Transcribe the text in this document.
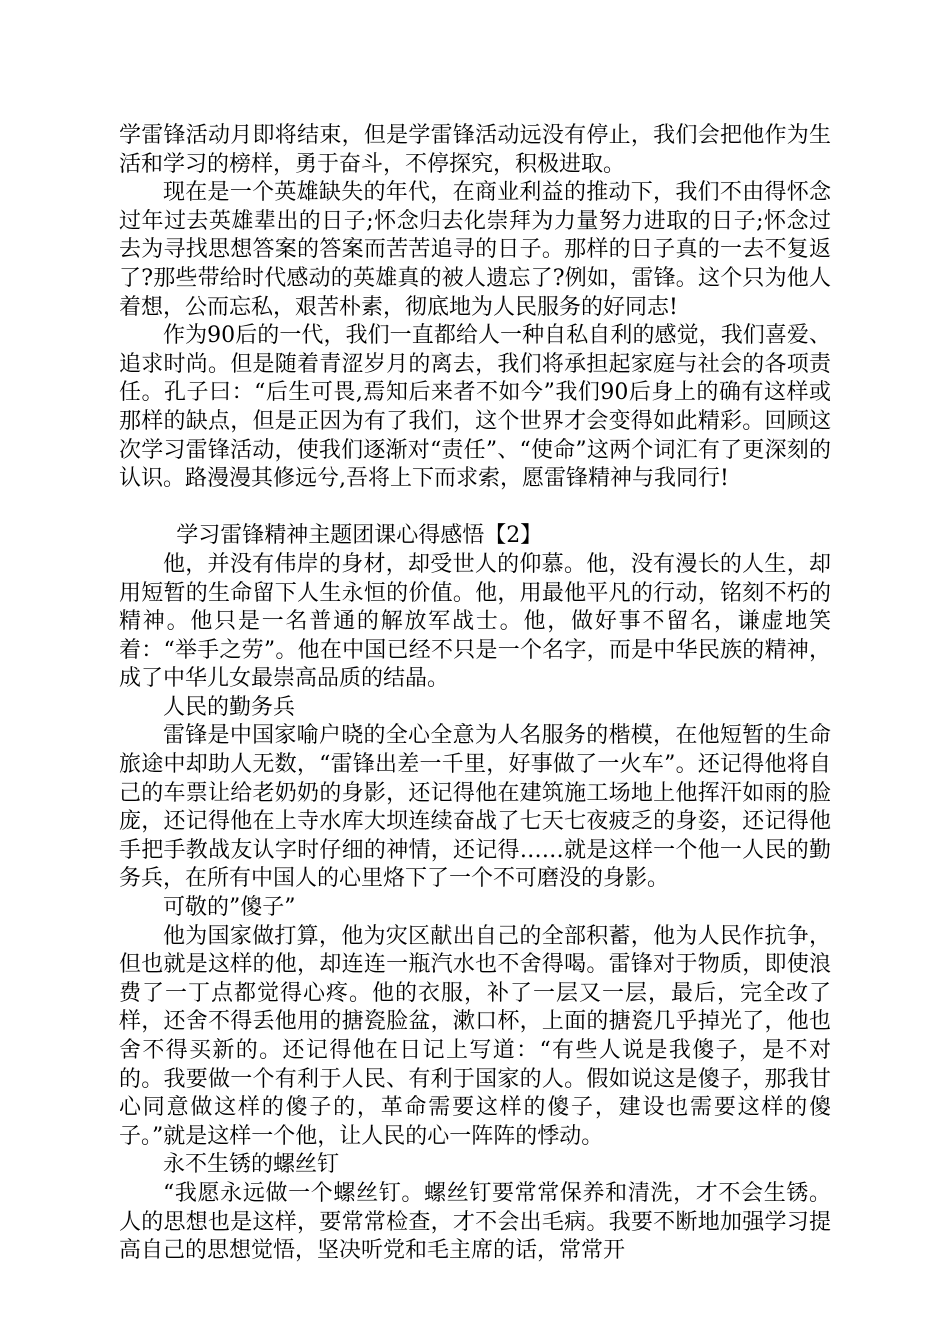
学雷锋活动月即将结束，但是学雷锋活动远没有停止，我们会把他作为生活和学习的榜样，勇于奋斗，不停探究，积极进取。

现在是一个英雄缺失的年代，在商业利益的推动下，我们不由得怀念过年过去英雄辈出的日子;怀念归去化崇拜为力量努力进取的日子;怀念过去为寻找思想答案的答案而苦苦追寻的日子。那样的日子真的一去不复返了?那些带给时代感动的英雄真的被人遗忘了?例如，雷锋。这个只为他人着想，公而忘私，艰苦朴素，彻底地为人民服务的好同志!

作为90后的一代，我们一直都给人一种自私自利的感觉，我们喜爱、追求时尚。但是随着青涩岁月的离去，我们将承担起家庭与社会的各项责任。孔子曰：“后生可畏,焉知后来者不如今”我们90后身上的确有这样或那样的缺点，但是正因为有了我们，这个世界才会变得如此精彩。回顾这次学习雷锋活动，使我们逐渐对“责任”、“使命”这两个词汇有了更深刻的认识。路漫漫其修远兮,吾将上下而求索，愿雷锋精神与我同行!

学习雷锋精神主题团课心得感悟【2】

他，并没有伟岸的身材，却受世人的仰慕。他，没有漫长的人生，却用短暂的生命留下人生永恒的价值。他，用最他平凡的行动，铭刻不朽的精神。他只是一名普通的解放军战士。他，做好事不留名，谦虚地笑着：“举手之劳”。他在中国已经不只是一个名字，而是中华民族的精神，成了中华儿女最崇高品质的结晶。

人民的勤务兵

雷锋是中国家喻户晓的全心全意为人名服务的楷模，在他短暂的生命旅途中却助人无数，“雷锋出差一千里，好事做了一火车”。还记得他将自己的车票让给老奶奶的身影，还记得他在建筑施工场地上他挥汗如雨的脸庞，还记得他在上寺水库大坝连续奋战了七天七夜疲乏的身姿，还记得他手把手教战友认字时仔细的神情，还记得……就是这样一个他一人民的勤务兵，在所有中国人的心里烙下了一个不可磨没的身影。

可敬的”傻子”

他为国家做打算，他为灾区献出自己的全部积蓄，他为人民作抗争，但也就是这样的他，却连连一瓶汽水也不舍得喝。雷锋对于物质，即使浪费了一丁点都觉得心疼。他的衣服，补了一层又一层，最后，完全改了样，还舍不得丢他用的搪瓷脸盆，漱口杯，上面的搪瓷几乎掉光了，他也舍不得买新的。还记得他在日记上写道：“有些人说是我傻子，是不对的。我要做一个有利于人民、有利于国家的人。假如说这是傻子，那我甘心同意做这样的傻子的，革命需要这样的傻子，建设也需要这样的傻子。”就是这样一个他，让人民的心一阵阵的悸动。

永不生锈的螺丝钉

“我愿永远做一个螺丝钉。螺丝钉要常常保养和清洗，才不会生锈。人的思想也是这样，要常常检查，才不会出毛病。我要不断地加强学习提高自己的思想觉悟，坚决听党和毛主席的话，常常开
